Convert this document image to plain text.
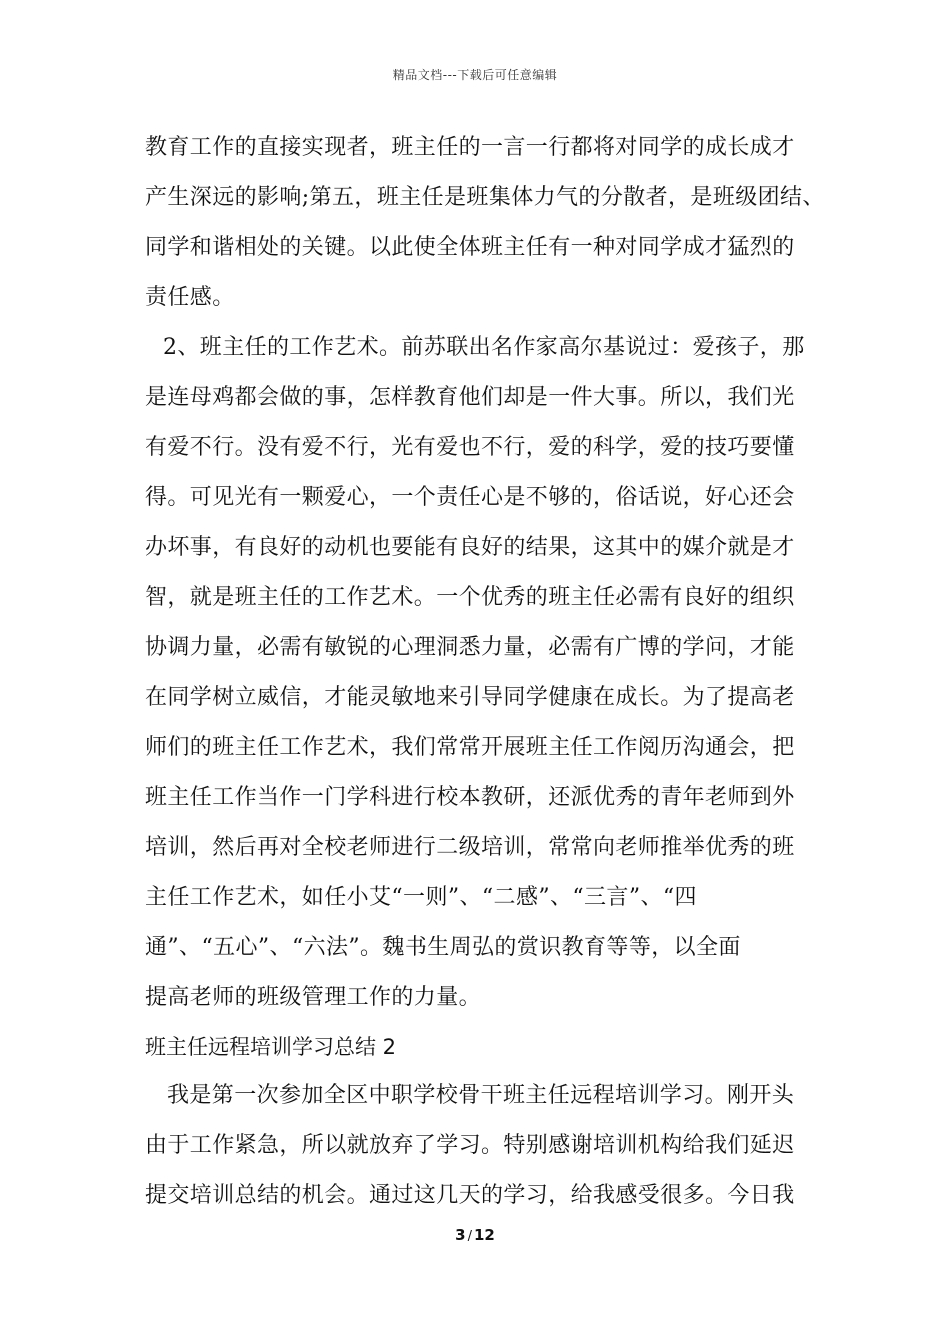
精品文档---下载后可任意编辑
教育工作的直接实现者，班主任的一言一行都将对同学的成长成才
产生深远的影响;第五，班主任是班集体力气的分散者，是班级团结、
同学和谐相处的关键。以此使全体班主任有一种对同学成才猛烈的
责任感。
2、班主任的工作艺术。前苏联出名作家高尔基说过：爱孩子，那
是连母鸡都会做的事，怎样教育他们却是一件大事。所以，我们光
有爱不行。没有爱不行，光有爱也不行，爱的科学，爱的技巧要懂
得。可见光有一颗爱心，一个责任心是不够的，俗话说，好心还会
办坏事，有良好的动机也要能有良好的结果，这其中的媒介就是才
智，就是班主任的工作艺术。一个优秀的班主任必需有良好的组织
协调力量，必需有敏锐的心理洞悉力量，必需有广博的学问，才能
在同学树立威信，才能灵敏地来引导同学健康在成长。为了提高老
师们的班主任工作艺术，我们常常开展班主任工作阅历沟通会，把
班主任工作当作一门学科进行校本教研，还派优秀的青年老师到外
培训，然后再对全校老师进行二级培训，常常向老师推举优秀的班
主任工作艺术，如任小艾“一则”、“二感”、“三言”、“四
通”、“五心”、“六法”。魏书生周弘的赏识教育等等，以全面
提高老师的班级管理工作的力量。
班主任远程培训学习总结 2
我是第一次参加全区中职学校骨干班主任远程培训学习。刚开头
由于工作紧急，所以就放弃了学习。特别感谢培训机构给我们延迟
提交培训总结的机会。通过这几天的学习，给我感受很多。今日我
3 / 12
